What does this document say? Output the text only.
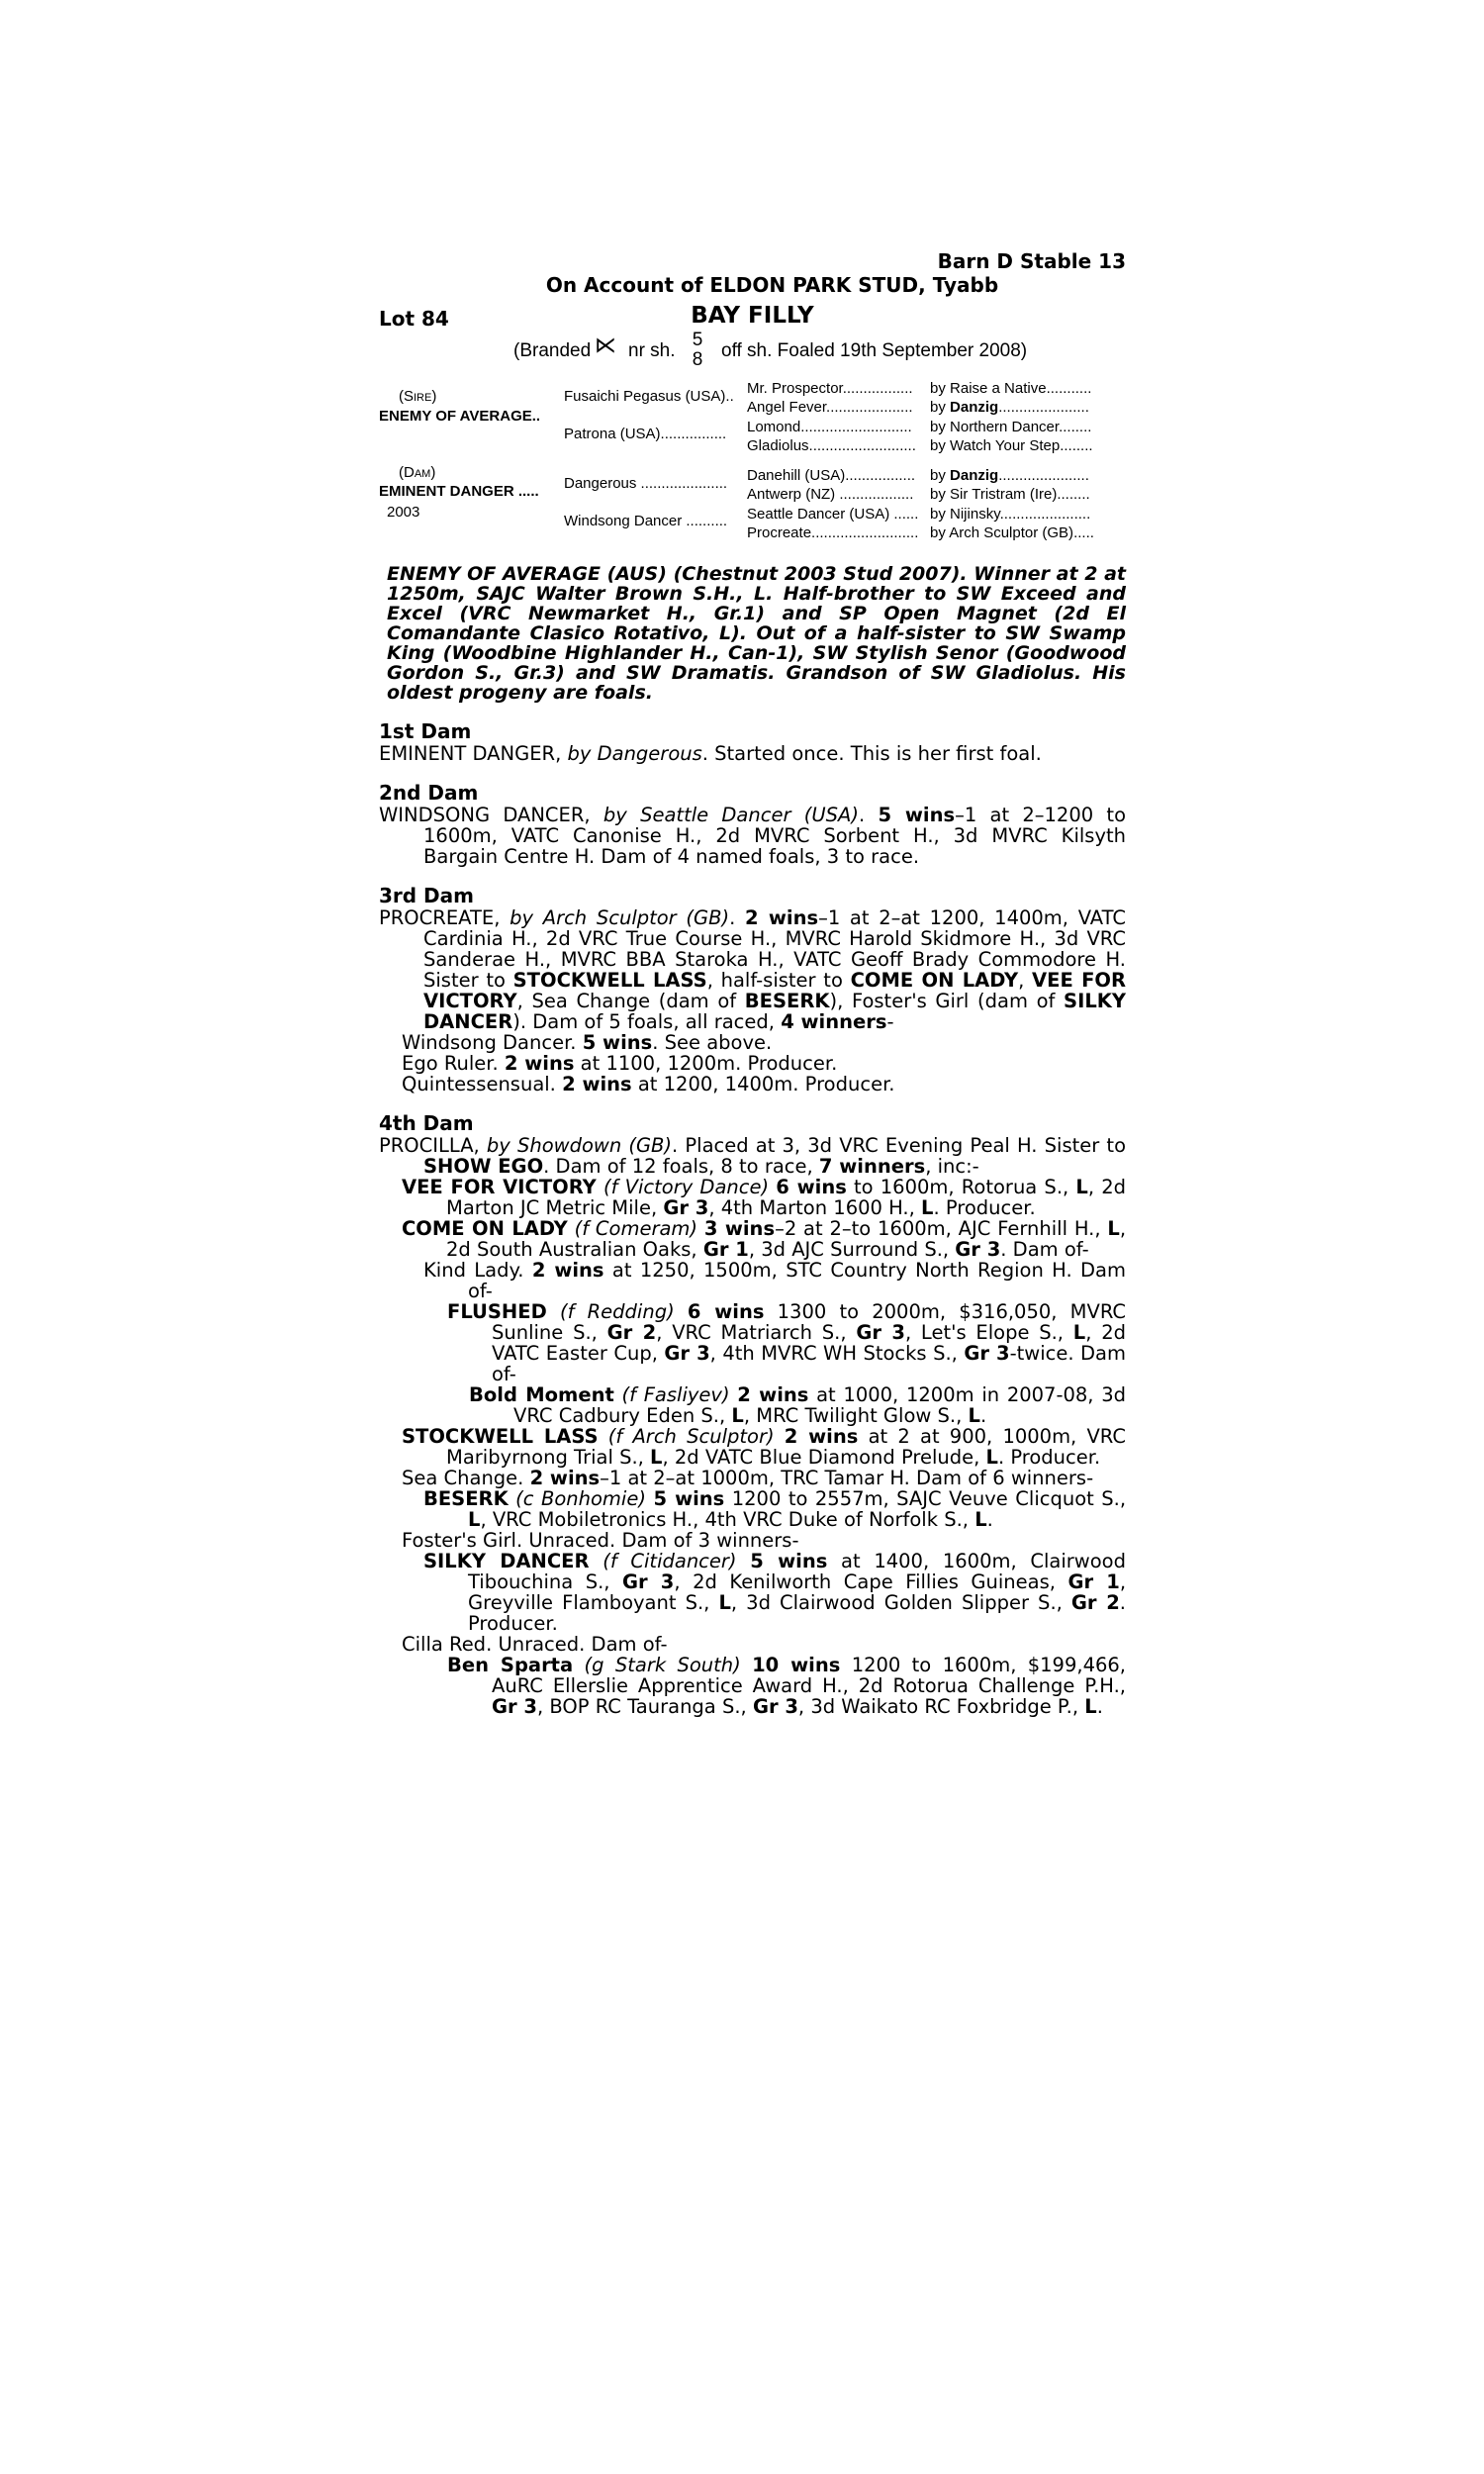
Barn D Stable 13
On Account of ELDON PARK STUD, Tyabb
Lot 84	BAY FILLY
(Branded ⋉ nr sh.
5
8 off sh. Foaled 19th September 2008)
(Sire)
ENEMY OF AVERAGE..
(Dam)
EMINENT DANGER .....
2003
Fusaichi Pegasus (USA)..
Patrona (USA)................
Dangerous .....................
Windsong Dancer ..........
Mr. Prospector.................
Angel Fever.....................
Lomond...........................
Gladiolus..........................
Danehill (USA).................
Antwerp (NZ) ..................
Seattle Dancer (USA) ......
Procreate..........................
by Raise a Native...........
by Danzig......................
by Northern Dancer........
by Watch Your Step........
by Danzig......................
by Sir Tristram (Ire)........
by Nijinsky......................
by Arch Sculptor (GB).....
ENEMY OF AVERAGE (AUS) (Chestnut 2003 Stud 2007). Winner at 2 at 1250m, SAJC Walter Brown S.H., L. Half-brother to SW Exceed and Excel (VRC Newmarket H., Gr.1) and SP Open Magnet (2d El Comandante Clasico Rotativo, L). Out of a half-sister to SW Swamp King (Woodbine Highlander H., Can-1), SW Stylish Senor (Goodwood Gordon S., Gr.3) and SW Dramatis. Grandson of SW Gladiolus. His oldest progeny are foals.
1st Dam
EMINENT DANGER, by Dangerous. Started once. This is her first foal.
2nd Dam
WINDSONG DANCER, by Seattle Dancer (USA). 5 wins–1 at 2–1200 to 1600m, VATC Canonise H., 2d MVRC Sorbent H., 3d MVRC Kilsyth Bargain Centre H. Dam of 4 named foals, 3 to race.
3rd Dam
PROCREATE, by Arch Sculptor (GB). 2 wins–1 at 2–at 1200, 1400m, VATC Cardinia H., 2d VRC True Course H., MVRC Harold Skidmore H., 3d VRC Sanderae H., MVRC BBA Staroka H., VATC Geoff Brady Commodore H. Sister to STOCKWELL LASS, half-sister to COME ON LADY, VEE FOR VICTORY, Sea Change (dam of BESERK), Foster's Girl (dam of SILKY DANCER). Dam of 5 foals, all raced, 4 winners-
Windsong Dancer. 5 wins. See above.
Ego Ruler. 2 wins at 1100, 1200m. Producer.
Quintessensual. 2 wins at 1200, 1400m. Producer.
4th Dam
PROCILLA, by Showdown (GB). Placed at 3, 3d VRC Evening Peal H. Sister to SHOW EGO. Dam of 12 foals, 8 to race, 7 winners, inc:-
VEE FOR VICTORY (f Victory Dance) 6 wins to 1600m, Rotorua S., L, 2d Marton JC Metric Mile, Gr 3, 4th Marton 1600 H., L. Producer.
COME ON LADY (f Comeram) 3 wins–2 at 2–to 1600m, AJC Fernhill H., L, 2d South Australian Oaks, Gr 1, 3d AJC Surround S., Gr 3. Dam of-
Kind Lady. 2 wins at 1250, 1500m, STC Country North Region H. Dam of-
FLUSHED (f Redding) 6 wins 1300 to 2000m, $316,050, MVRC Sunline S., Gr 2, VRC Matriarch S., Gr 3, Let's Elope S., L, 2d VATC Easter Cup, Gr 3, 4th MVRC WH Stocks S., Gr 3-twice. Dam of-
Bold Moment (f Fasliyev) 2 wins at 1000, 1200m in 2007-08, 3d VRC Cadbury Eden S., L, MRC Twilight Glow S., L.
STOCKWELL LASS (f Arch Sculptor) 2 wins at 2 at 900, 1000m, VRC Maribyrnong Trial S., L, 2d VATC Blue Diamond Prelude, L. Producer.
Sea Change. 2 wins–1 at 2–at 1000m, TRC Tamar H. Dam of 6 winners-
BESERK (c Bonhomie) 5 wins 1200 to 2557m, SAJC Veuve Clicquot S., L, VRC Mobiletronics H., 4th VRC Duke of Norfolk S., L.
Foster's Girl. Unraced. Dam of 3 winners-
SILKY DANCER (f Citidancer) 5 wins at 1400, 1600m, Clairwood Tibouchina S., Gr 3, 2d Kenilworth Cape Fillies Guineas, Gr 1, Greyville Flamboyant S., L, 3d Clairwood Golden Slipper S., Gr 2. Producer.
Cilla Red. Unraced. Dam of-
Ben Sparta (g Stark South) 10 wins 1200 to 1600m, $199,466, AuRC Ellerslie Apprentice Award H., 2d Rotorua Challenge P.H., Gr 3, BOP RC Tauranga S., Gr 3, 3d Waikato RC Foxbridge P., L.
